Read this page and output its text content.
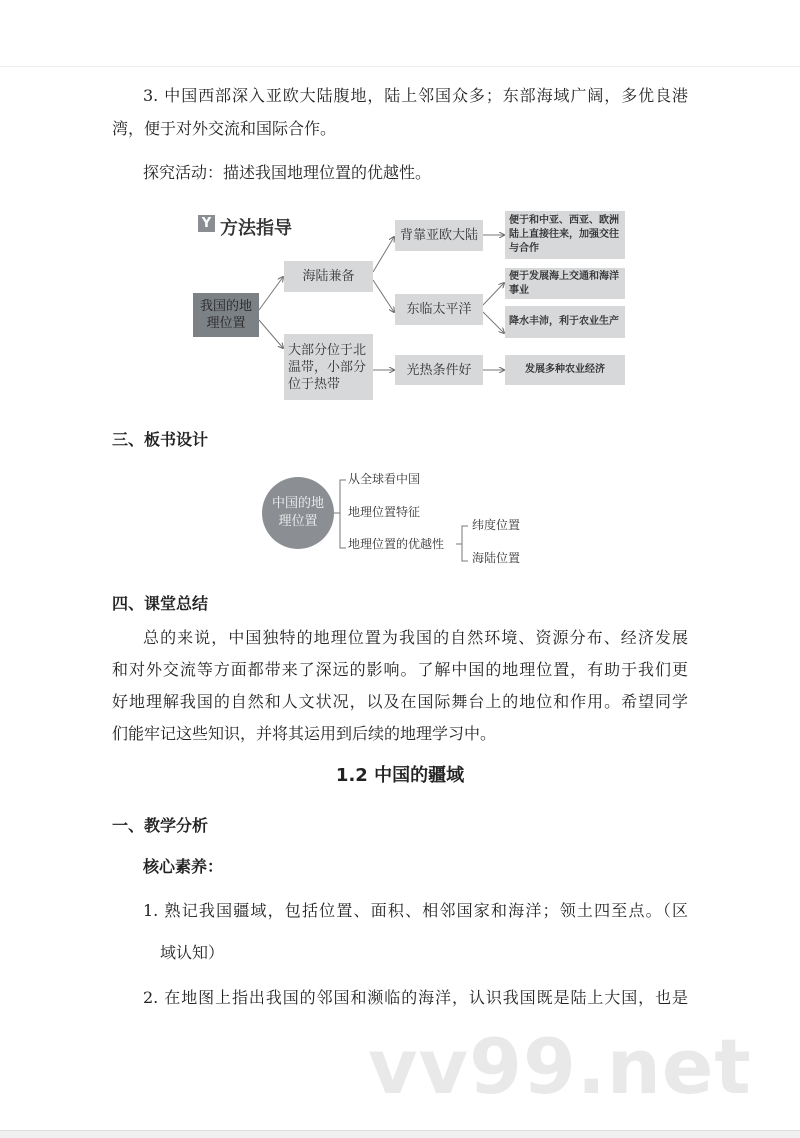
3. 中国西部深入亚欧大陆腹地，陆上邻国众多；东部海域广阔，多优良港
湾，便于对外交流和国际合作。
探究活动：描述我国地理位置的优越性。
Y 方法指导
我国的地理位置
海陆兼备
大部分位于北温带，小部分位于热带
背靠亚欧大陆
东临太平洋
光热条件好
便于和中亚、西亚、欧洲陆上直接往来，加强交往与合作
便于发展海上交通和海洋事业
降水丰沛，利于农业生产
发展多种农业经济
三、板书设计
中国的地理位置
从全球看中国
地理位置特征
地理位置的优越性
纬度位置
海陆位置
四、课堂总结
总的来说，中国独特的地理位置为我国的自然环境、资源分布、经济发展
和对外交流等方面都带来了深远的影响。了解中国的地理位置，有助于我们更
好地理解我国的自然和人文状况，以及在国际舞台上的地位和作用。希望同学
们能牢记这些知识，并将其运用到后续的地理学习中。
1.2 中国的疆域
一、教学分析
核心素养：
1. 熟记我国疆域，包括位置、面积、相邻国家和海洋；领土四至点。（区
域认知）
2. 在地图上指出我国的邻国和濒临的海洋，认识我国既是陆上大国，也是
vv99.net
